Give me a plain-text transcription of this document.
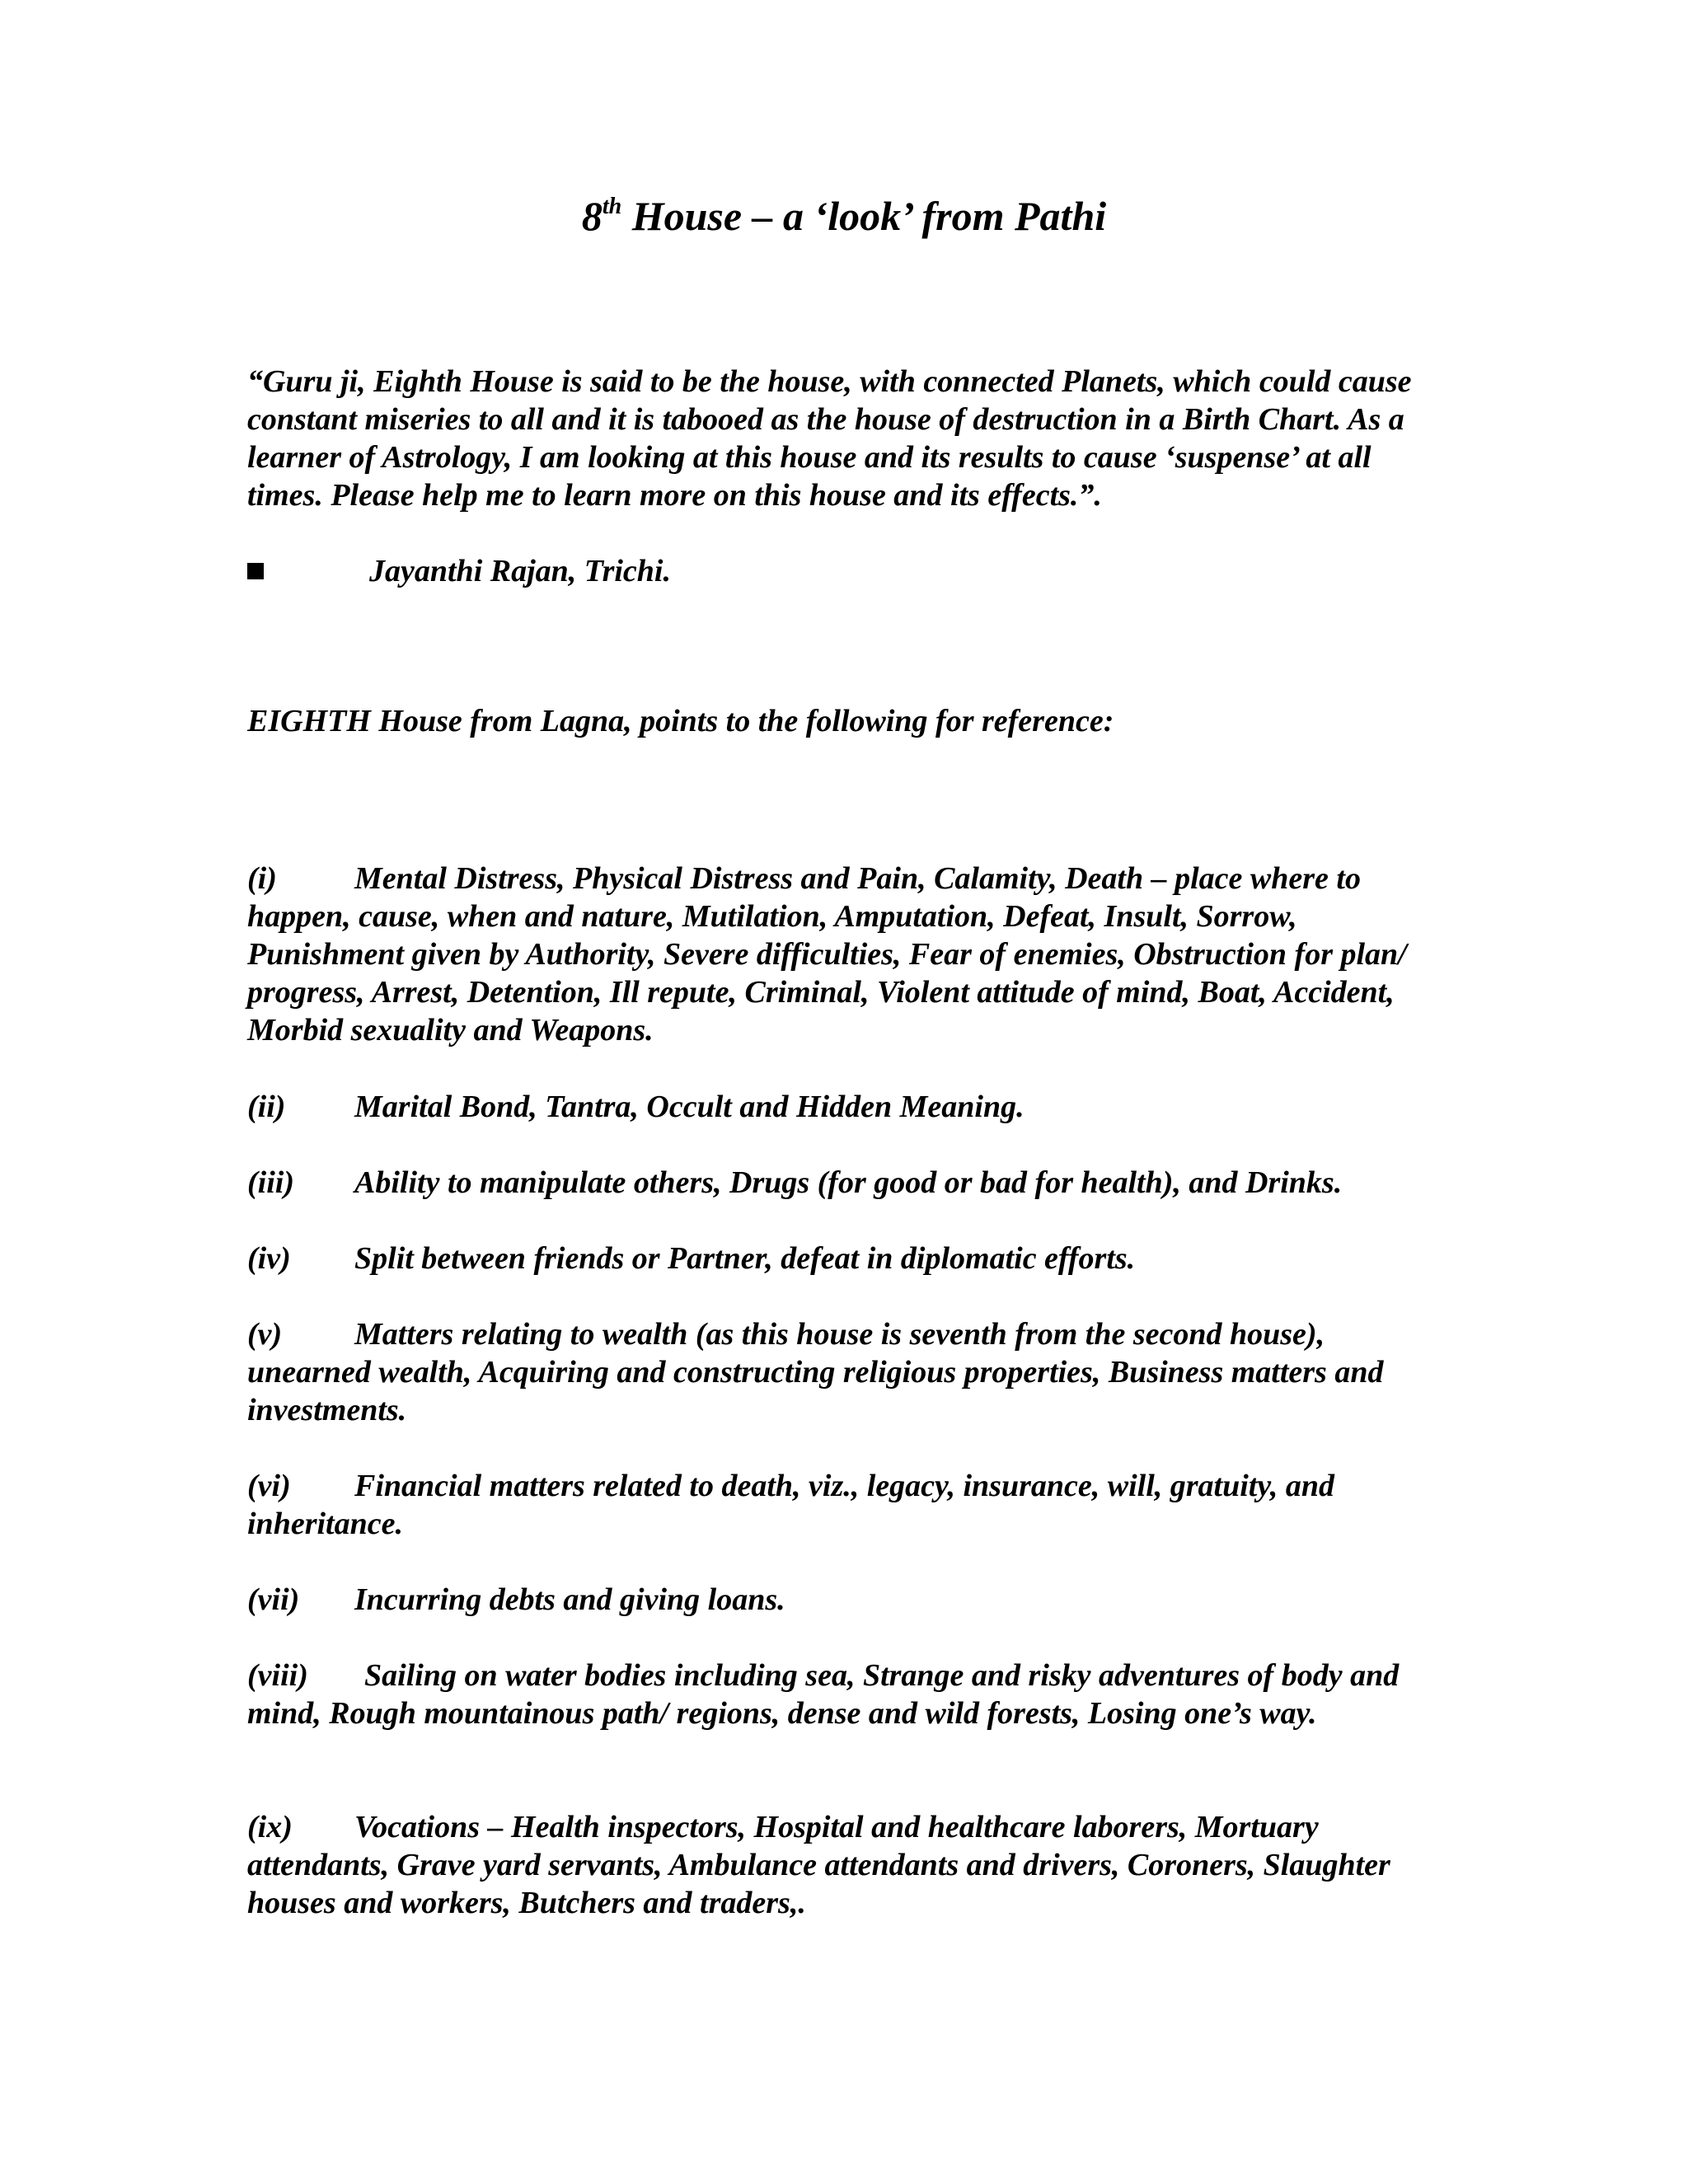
8th House – a ‘look’ from Pathi

“Guru ji, Eighth House is said to be the house, with connected Planets, which could cause constant miseries to all and it is tabooed as the house of destruction in a Birth Chart. As a learner of Astrology, I am looking at this house and its results to cause ‘suspense’ at all times. Please help me to learn more on this house and its effects.”.

Jayanthi Rajan, Trichi.

EIGHTH House from Lagna, points to the following for reference:

(i) Mental Distress, Physical Distress and Pain, Calamity, Death – place where to happen, cause, when and nature, Mutilation, Amputation, Defeat, Insult, Sorrow, Punishment given by Authority, Severe difficulties, Fear of enemies, Obstruction for plan/ progress, Arrest, Detention, Ill repute, Criminal, Violent attitude of mind, Boat, Accident, Morbid sexuality and Weapons.

(ii) Marital Bond, Tantra, Occult and Hidden Meaning.

(iii) Ability to manipulate others, Drugs (for good or bad for health), and Drinks.

(iv) Split between friends or Partner, defeat in diplomatic efforts.

(v) Matters relating to wealth (as this house is seventh from the second house), unearned wealth, Acquiring and constructing religious properties, Business matters and investments.

(vi) Financial matters related to death, viz., legacy, insurance, will, gratuity, and inheritance.

(vii) Incurring debts and giving loans.

(viii) Sailing on water bodies including sea, Strange and risky adventures of body and mind, Rough mountainous path/ regions, dense and wild forests, Losing one’s way.

(ix) Vocations – Health inspectors, Hospital and healthcare laborers, Mortuary attendants, Grave yard servants, Ambulance attendants and drivers, Coroners, Slaughter houses and workers, Butchers and traders,.
